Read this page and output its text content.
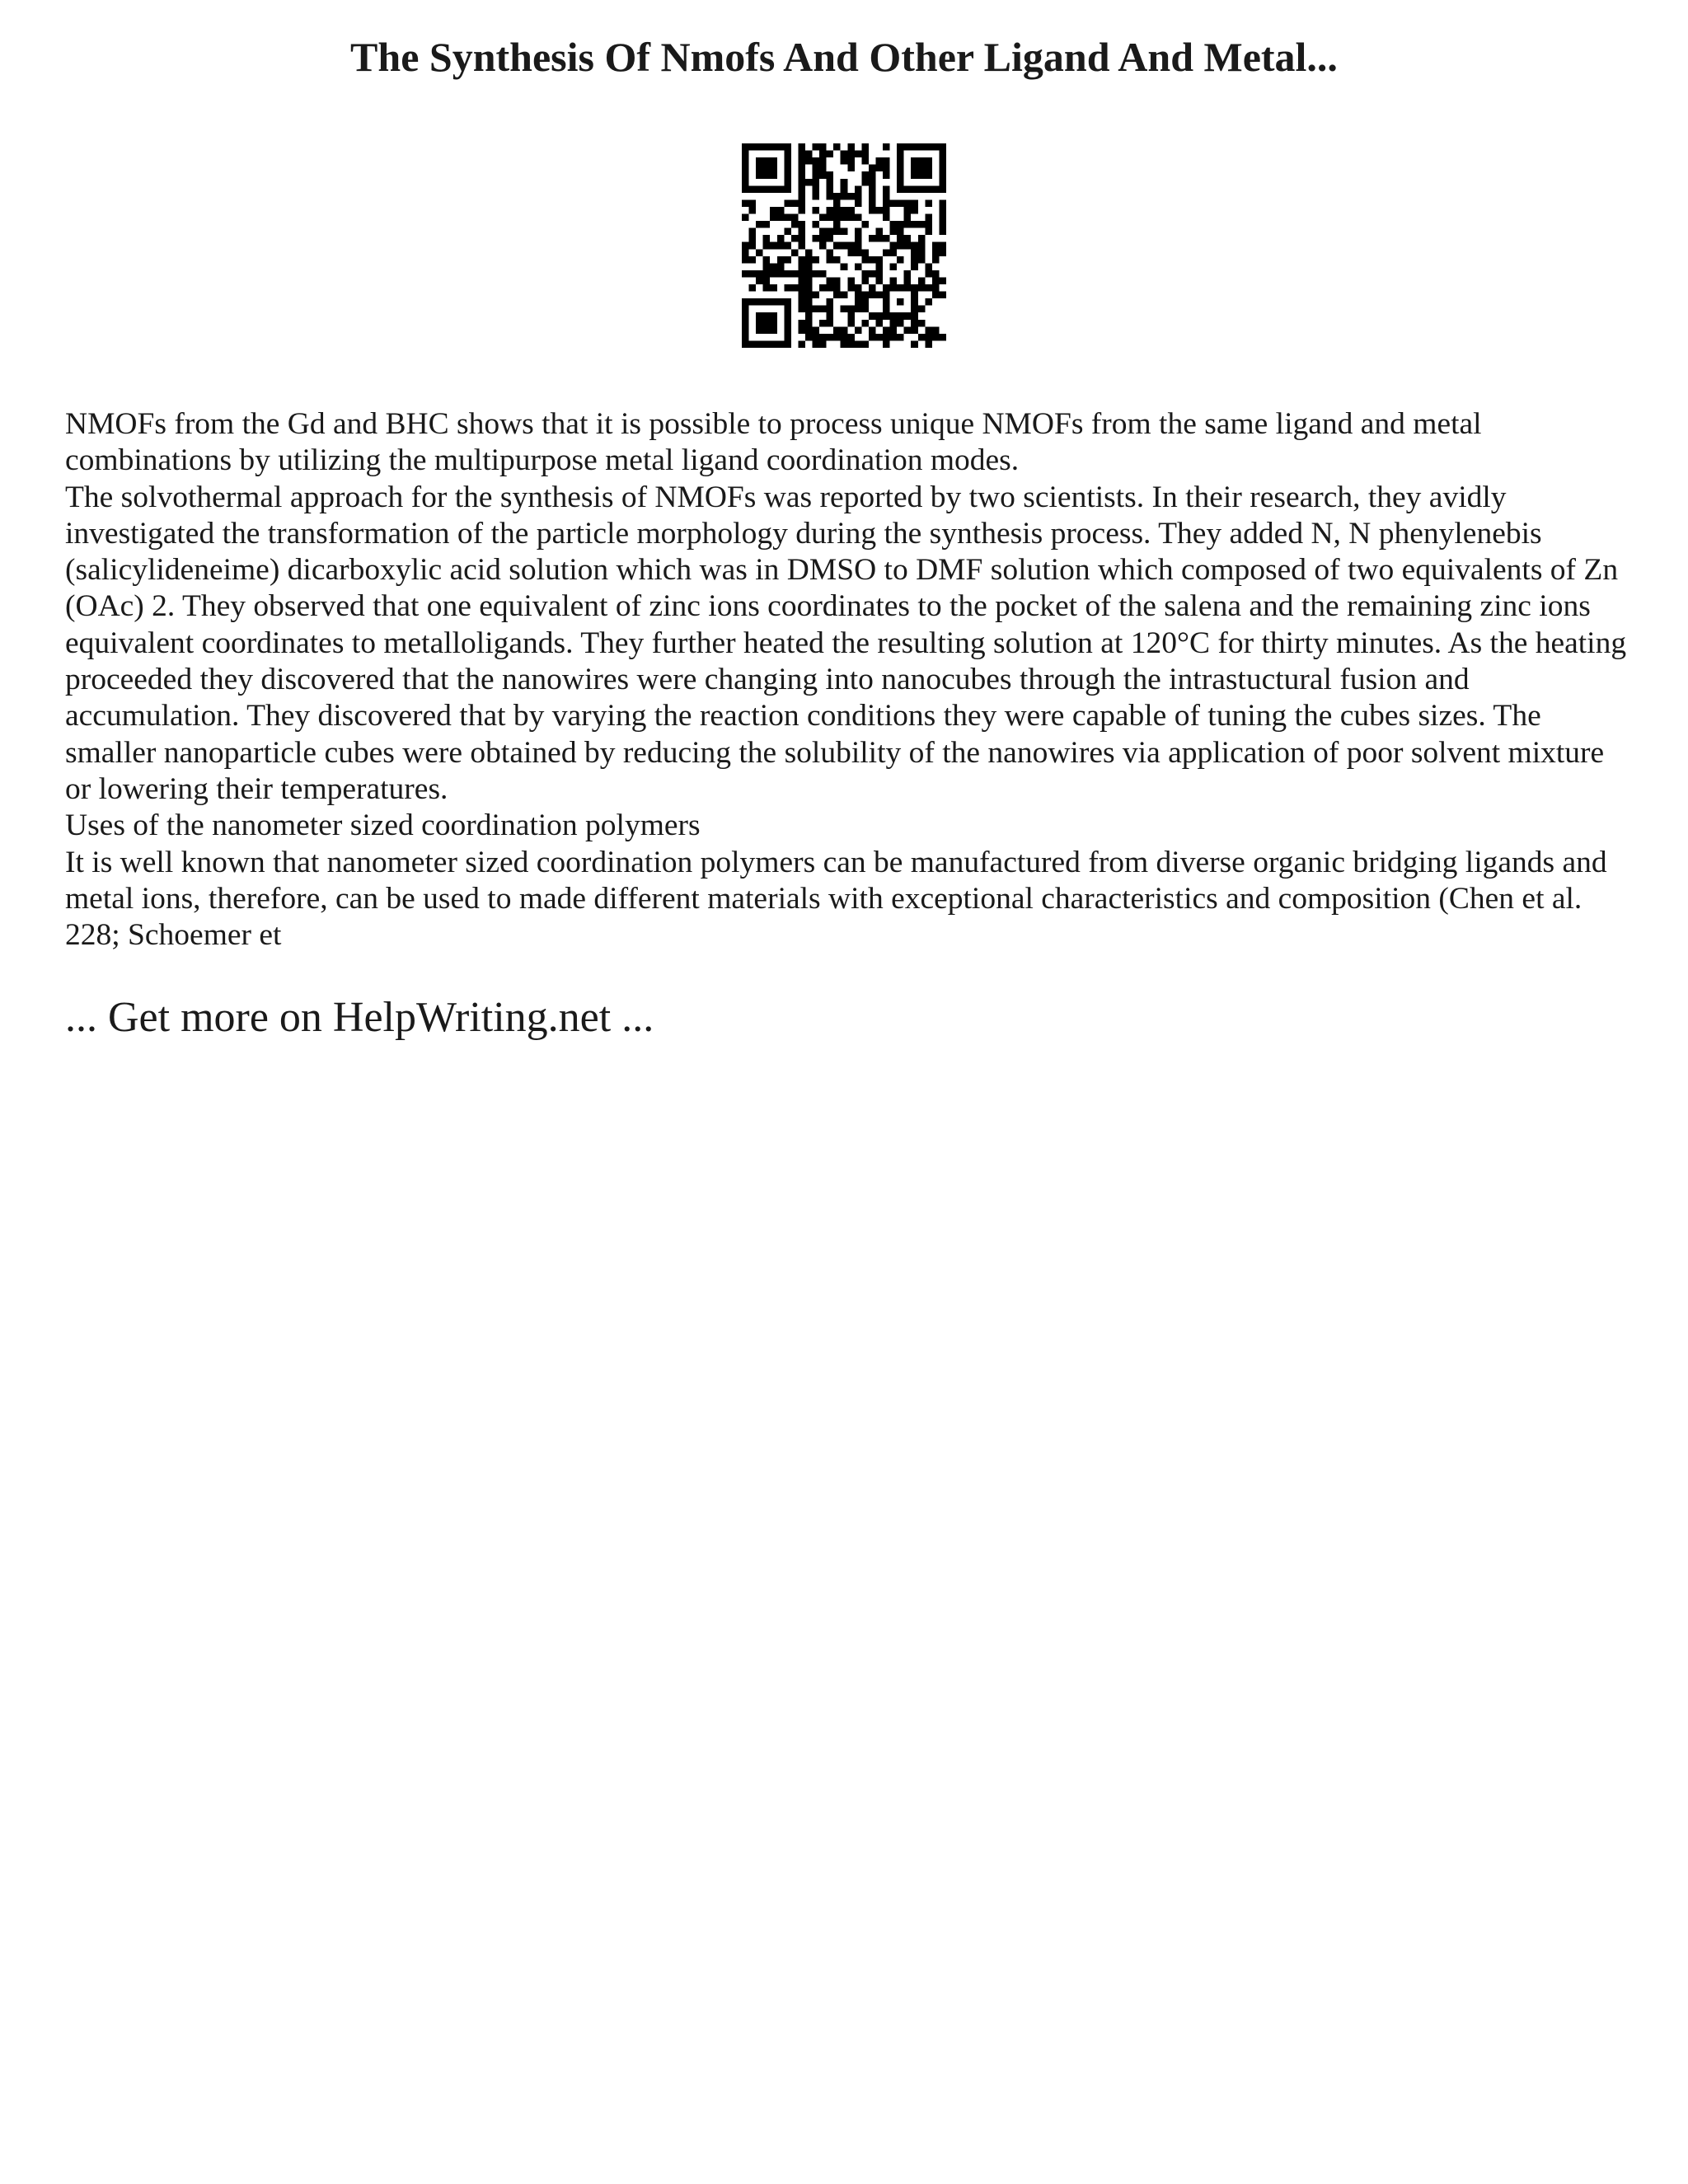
The Synthesis Of Nmofs And Other Ligand And Metal...

NMOFs from the Gd and BHC shows that it is possible to process unique NMOFs from the same ligand and metal combinations by utilizing the multipurpose metal ligand coordination modes.

The solvothermal approach for the synthesis of NMOFs was reported by two scientists. In their research, they avidly investigated the transformation of the particle morphology during the synthesis process. They added N, N phenylenebis (salicylideneime) dicarboxylic acid solution which was in DMSO to DMF solution which composed of two equivalents of Zn (OAc) 2. They observed that one equivalent of zinc ions coordinates to the pocket of the salena and the remaining zinc ions equivalent coordinates to metalloligands. They further heated the resulting solution at 120°C for thirty minutes. As the heating proceeded they discovered that the nanowires were changing into nanocubes through the intrastuctural fusion and accumulation. They discovered that by varying the reaction conditions they were capable of tuning the cubes sizes. The smaller nanoparticle cubes were obtained by reducing the solubility of the nanowires via application of poor solvent mixture or lowering their temperatures.

Uses of the nanometer sized coordination polymers

It is well known that nanometer sized coordination polymers can be manufactured from diverse organic bridging ligands and metal ions, therefore, can be used to made different materials with exceptional characteristics and composition (Chen et al. 228; Schoemer et

... Get more on HelpWriting.net ...
